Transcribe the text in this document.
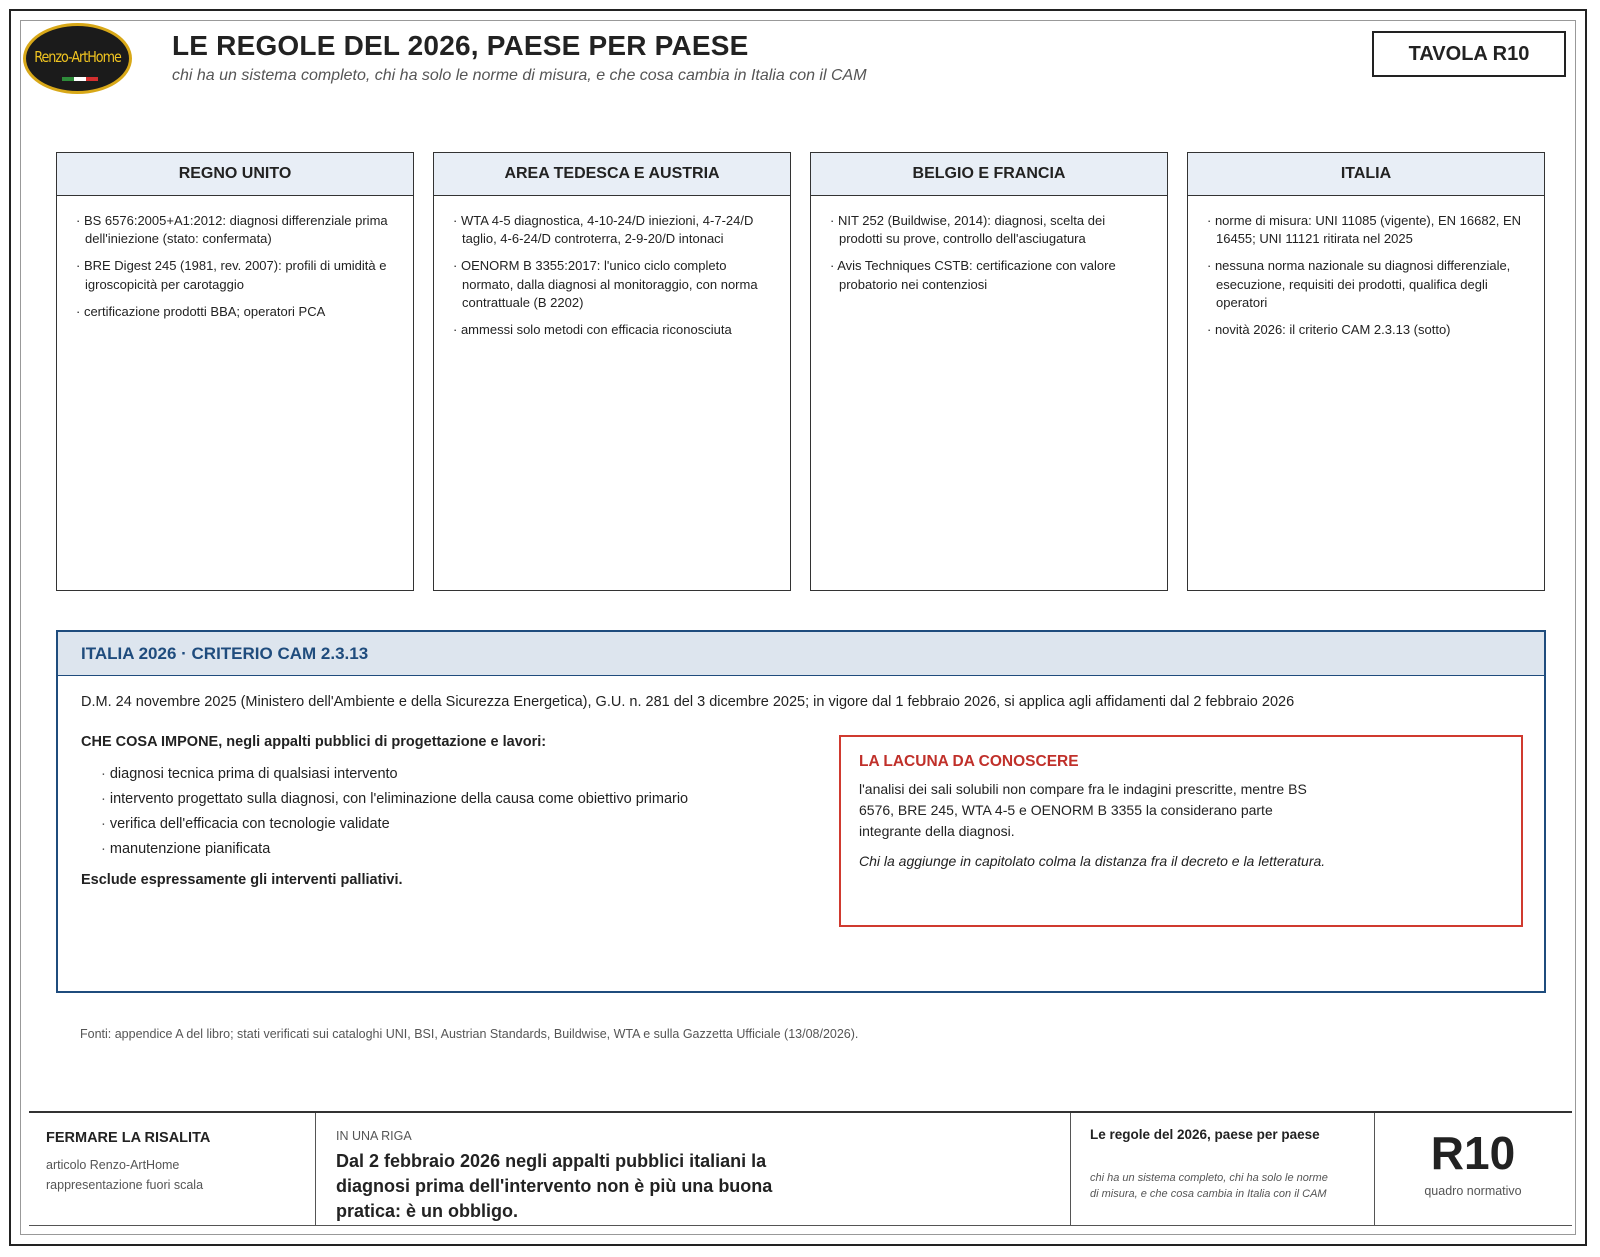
Renzo-ArtHome LE REGOLE DEL 2026, PAESE PER PAESE
chi ha un sistema completo, chi ha solo le norme di misura, e che cosa cambia in Italia con il CAM
TAVOLA R10
REGNO UNITO
· BS 6576:2005+A1:2012: diagnosi differenziale prima dell'iniezione (stato: confermata)
· BRE Digest 245 (1981, rev. 2007): profili di umidità e igroscopicità per carotaggio
· certificazione prodotti BBA; operatori PCA
AREA TEDESCA E AUSTRIA
· WTA 4-5 diagnostica, 4-10-24/D iniezioni, 4-7-24/D taglio, 4-6-24/D controterra, 2-9-20/D intonaci
· OENORM B 3355:2017: l'unico ciclo completo normato, dalla diagnosi al monitoraggio, con norma contrattuale (B 2202)
· ammessi solo metodi con efficacia riconosciuta
BELGIO E FRANCIA
· NIT 252 (Buildwise, 2014): diagnosi, scelta dei prodotti su prove, controllo dell'asciugatura
· Avis Techniques CSTB: certificazione con valore probatorio nei contenziosi
ITALIA
· norme di misura: UNI 11085 (vigente), EN 16682, EN 16455; UNI 11121 ritirata nel 2025
· nessuna norma nazionale su diagnosi differenziale, esecuzione, requisiti dei prodotti, qualifica degli operatori
· novità 2026: il criterio CAM 2.3.13 (sotto)
ITALIA 2026 · CRITERIO CAM 2.3.13
D.M. 24 novembre 2025 (Ministero dell'Ambiente e della Sicurezza Energetica), G.U. n. 281 del 3 dicembre 2025; in vigore dal 1 febbraio 2026, si applica agli affidamenti dal 2 febbraio 2026
CHE COSA IMPONE, negli appalti pubblici di progettazione e lavori:
· diagnosi tecnica prima di qualsiasi intervento
· intervento progettato sulla diagnosi, con l'eliminazione della causa come obiettivo primario
· verifica dell'efficacia con tecnologie validate
· manutenzione pianificata
Esclude espressamente gli interventi palliativi.
LA LACUNA DA CONOSCERE
l'analisi dei sali solubili non compare fra le indagini prescritte, mentre BS 6576, BRE 245, WTA 4-5 e OENORM B 3355 la considerano parte integrante della diagnosi.
Chi la aggiunge in capitolato colma la distanza fra il decreto e la letteratura.
Fonti: appendice A del libro; stati verificati sui cataloghi UNI, BSI, Austrian Standards, Buildwise, WTA e sulla Gazzetta Ufficiale (13/08/2026).
FERMARE LA RISALITA
articolo Renzo-ArtHome
rappresentazione fuori scala
IN UNA RIGA
Dal 2 febbraio 2026 negli appalti pubblici italiani la diagnosi prima dell'intervento non è più una buona pratica: è un obbligo.
Le regole del 2026, paese per paese
chi ha un sistema completo, chi ha solo le norme di misura, e che cosa cambia in Italia con il CAM
R10
quadro normativo
